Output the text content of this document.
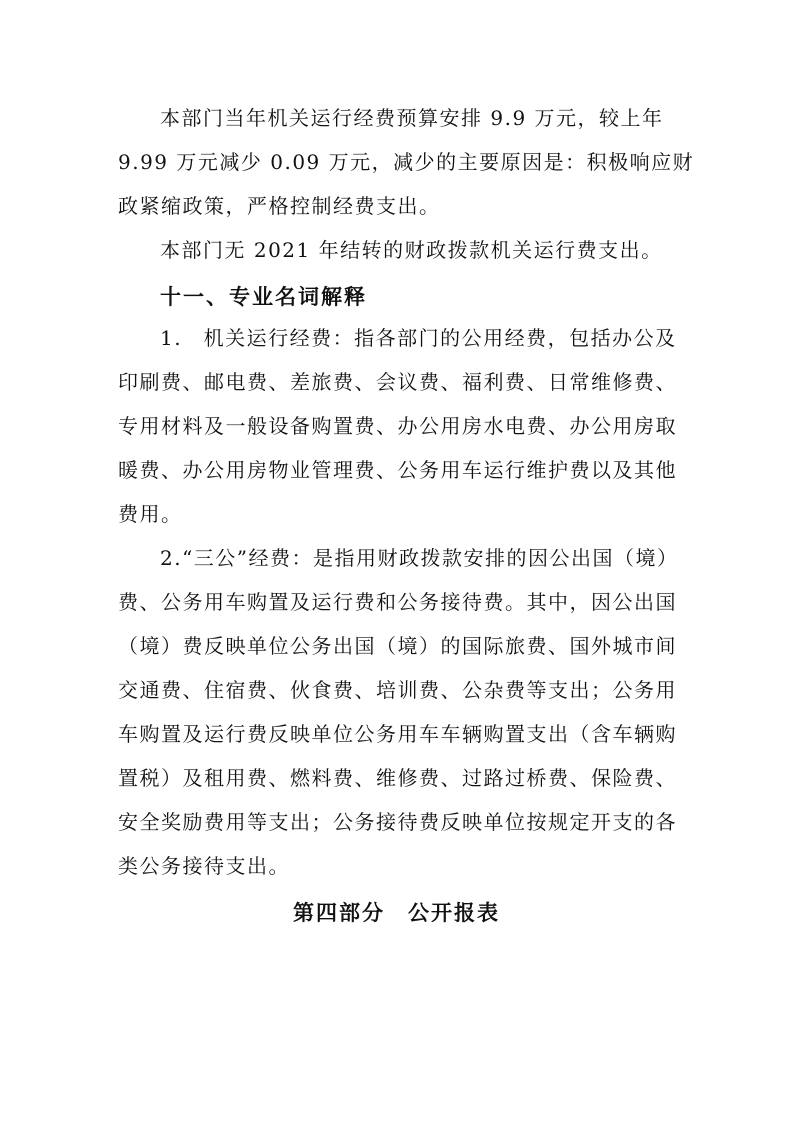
本部门当年机关运行经费预算安排 9.9 万元，较上年
9.99 万元减少 0.09 万元，减少的主要原因是：积极响应财
政紧缩政策，严格控制经费支出。
本部门无 2021 年结转的财政拨款机关运行费支出。
十一、专业名词解释
1.　机关运行经费：指各部门的公用经费，包括办公及
印刷费、邮电费、差旅费、会议费、福利费、日常维修费、
专用材料及一般设备购置费、办公用房水电费、办公用房取
暖费、办公用房物业管理费、公务用车运行维护费以及其他
费用。
2.“三公”经费：是指用财政拨款安排的因公出国（境）
费、公务用车购置及运行费和公务接待费。其中，因公出国
（境）费反映单位公务出国（境）的国际旅费、国外城市间
交通费、住宿费、伙食费、培训费、公杂费等支出；公务用
车购置及运行费反映单位公务用车车辆购置支出（含车辆购
置税）及租用费、燃料费、维修费、过路过桥费、保险费、
安全奖励费用等支出；公务接待费反映单位按规定开支的各
类公务接待支出。
第四部分　公开报表
